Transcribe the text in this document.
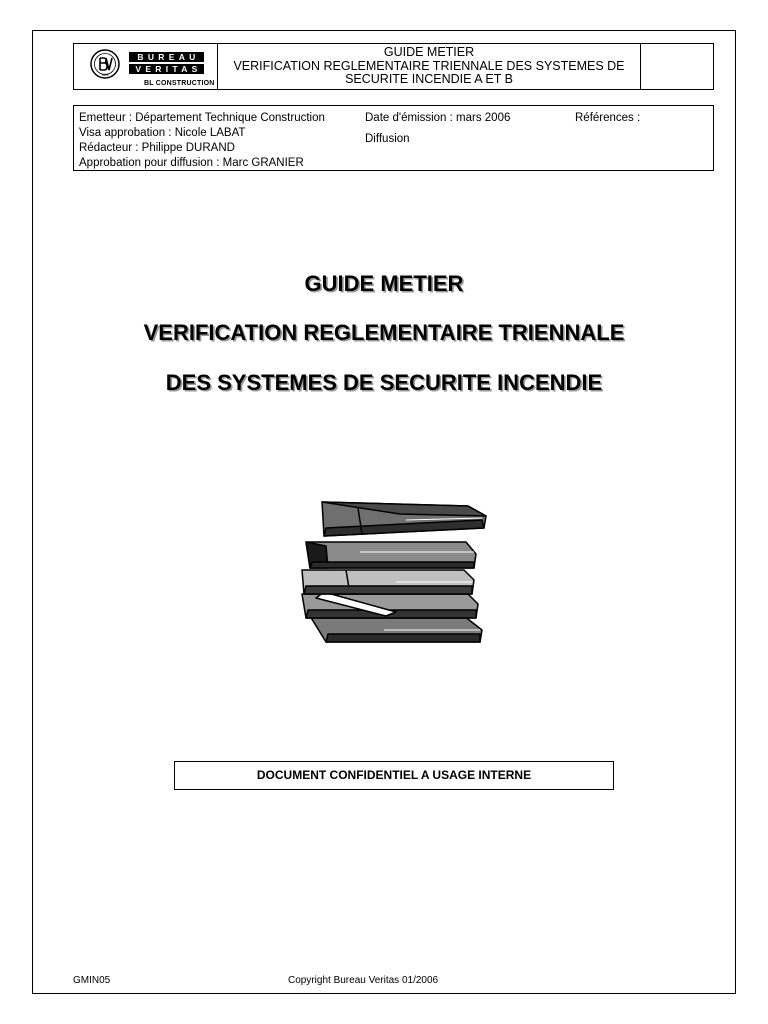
1828
BUREAU
VERITAS
BL CONSTRUCTION
GUIDE METIER
VERIFICATION REGLEMENTAIRE TRIENNALE DES SYSTEMES DE
SECURITE INCENDIE A ET B
Emetteur : Département Technique Construction
Visa approbation : Nicole LABAT
Rédacteur : Philippe DURAND
Approbation pour diffusion : Marc GRANIER
Date d'émission : mars 2006
Diffusion
Références :
GUIDE METIER
VERIFICATION REGLEMENTAIRE TRIENNALE
DES SYSTEMES DE SECURITE INCENDIE
DOCUMENT CONFIDENTIEL A USAGE INTERNE
GMIN05	Copyright Bureau Veritas 01/2006
